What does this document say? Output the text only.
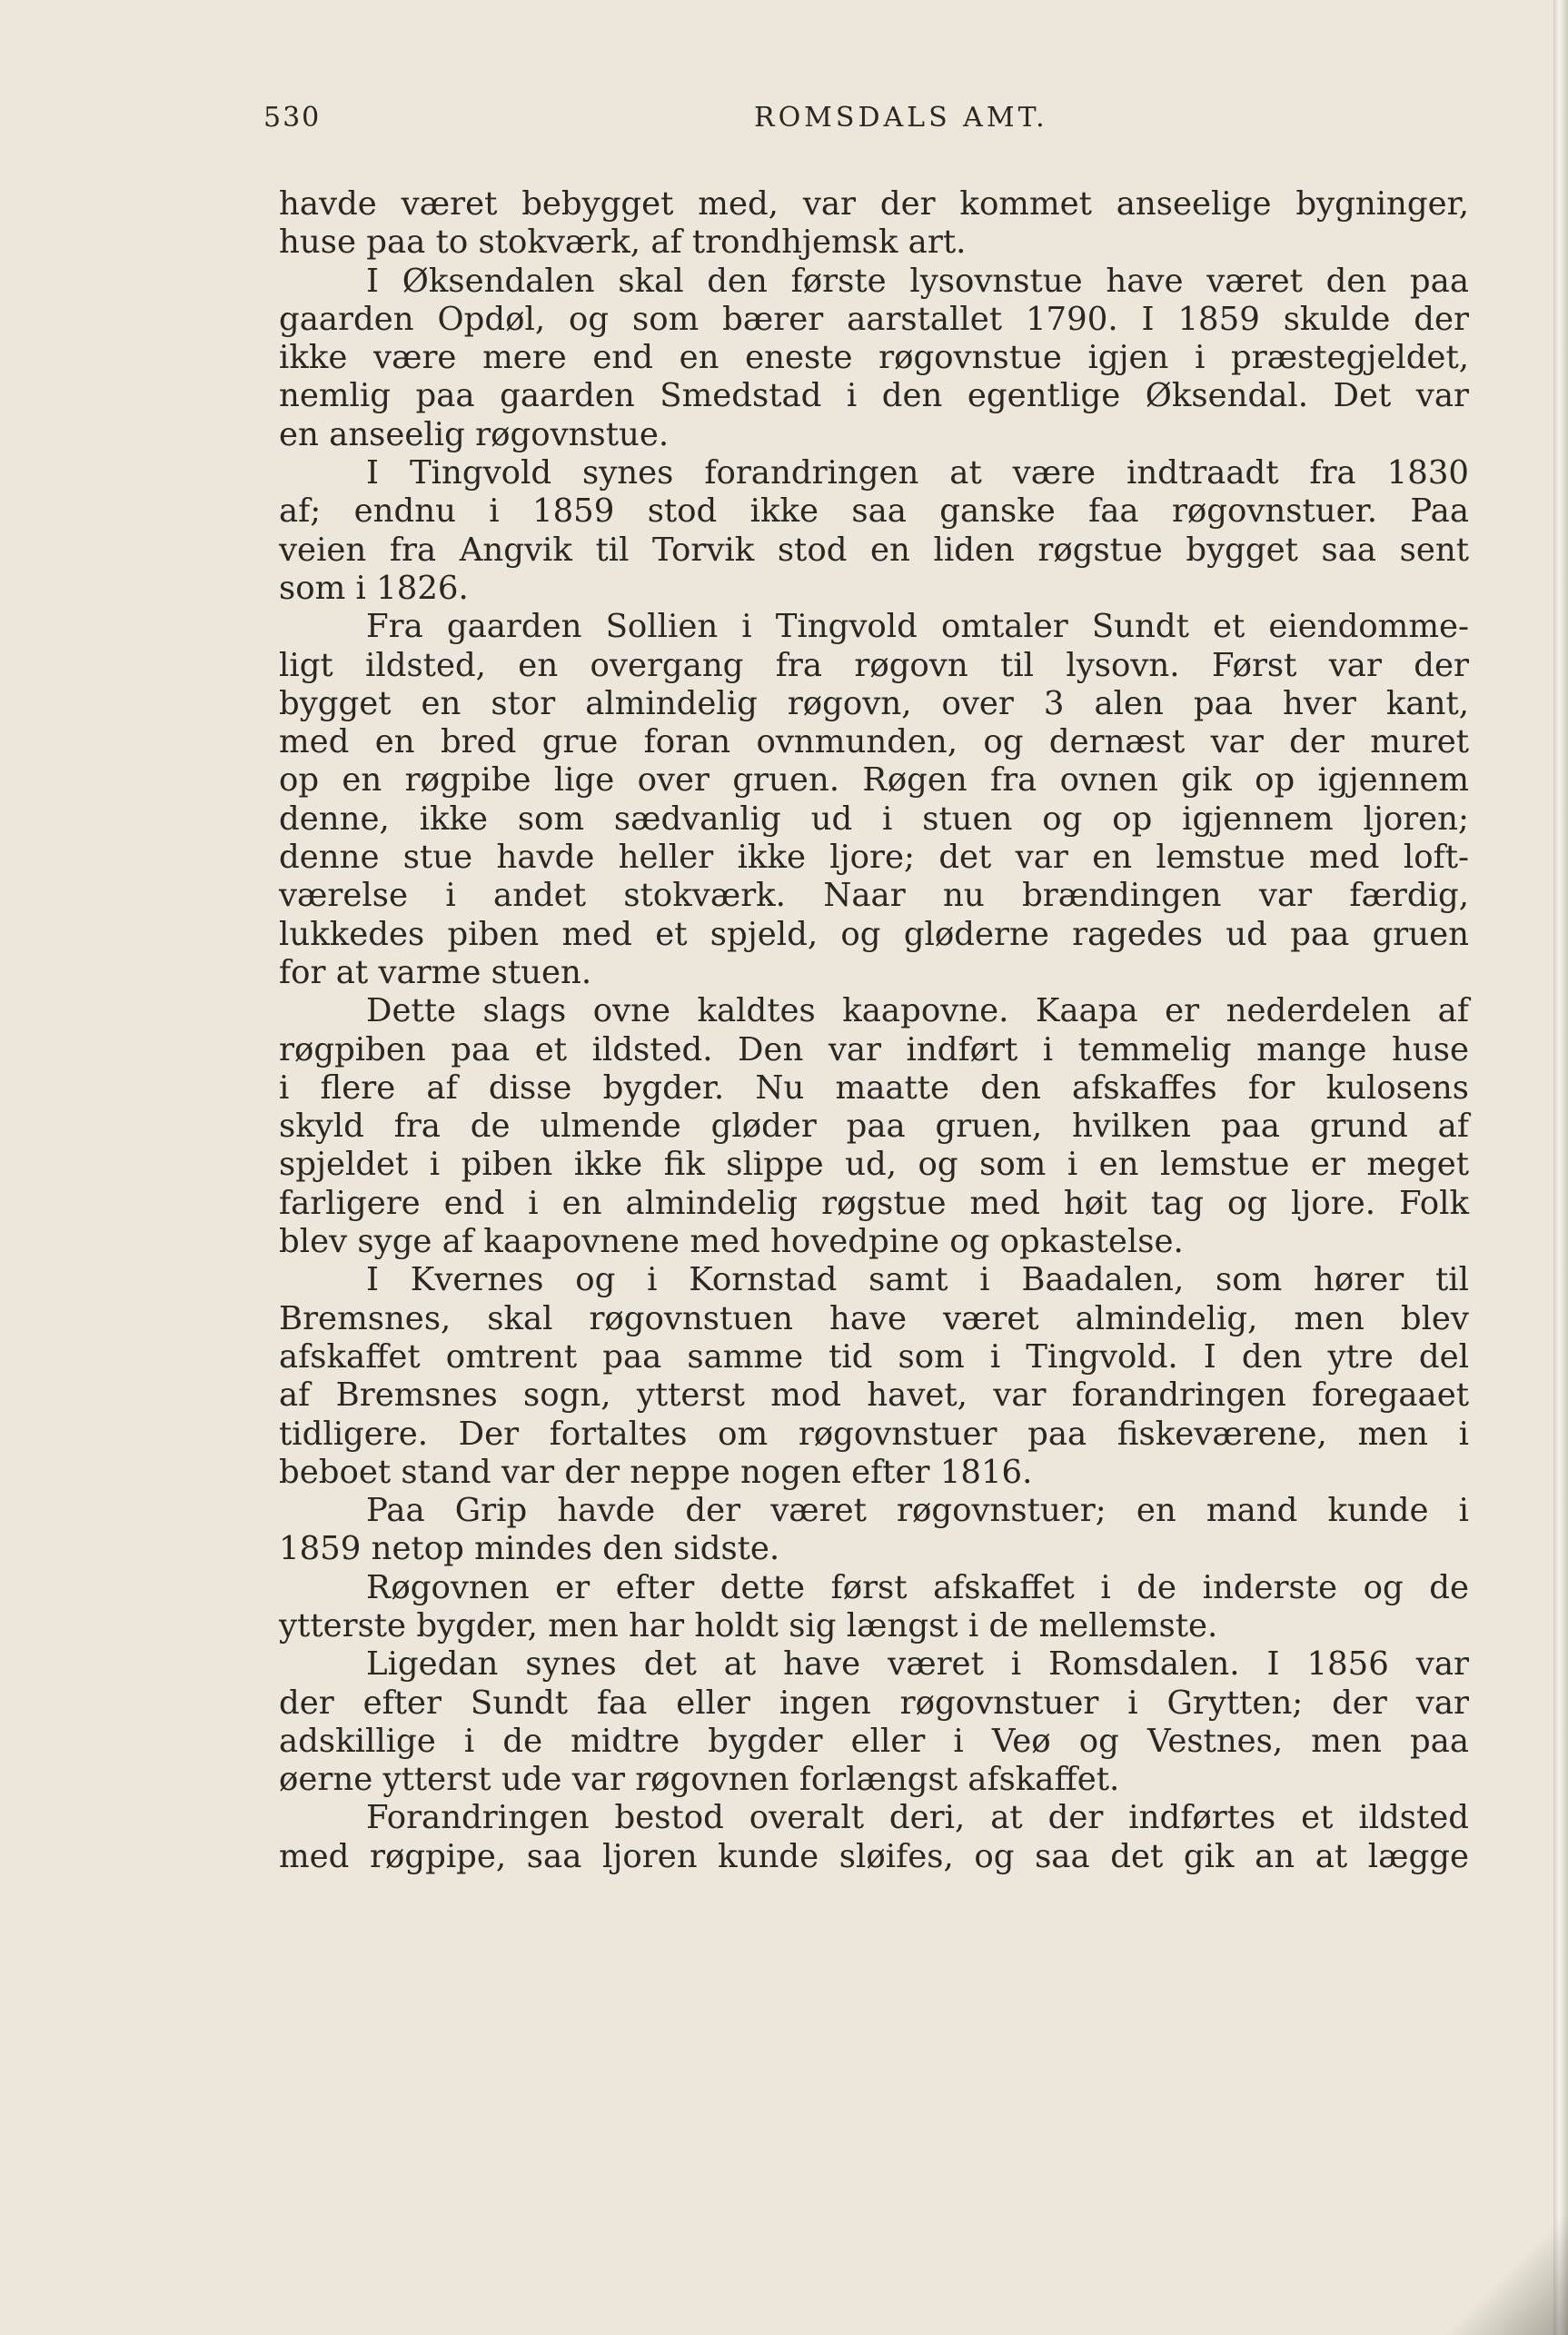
530	ROMSDALS AMT.
havde været bebygget med, var der kommet anseelige bygninger,
huse paa to stokværk, af trondhjemsk art.
I Øksendalen skal den første lysovnstue have været den paa
gaarden Opdøl, og som bærer aarstallet 1790. I 1859 skulde der
ikke være mere end en eneste røgovnstue igjen i præstegjeldet,
nemlig paa gaarden Smedstad i den egentlige Øksendal. Det var
en anseelig røgovnstue.
I Tingvold synes forandringen at være indtraadt fra 1830
af; endnu i 1859 stod ikke saa ganske faa røgovnstuer. Paa
veien fra Angvik til Torvik stod en liden røgstue bygget saa sent
som i 1826.
Fra gaarden Sollien i Tingvold omtaler Sundt et eiendomme-
ligt ildsted, en overgang fra røgovn til lysovn. Først var der
bygget en stor almindelig røgovn, over 3 alen paa hver kant,
med en bred grue foran ovnmunden, og dernæst var der muret
op en røgpibe lige over gruen. Røgen fra ovnen gik op igjennem
denne, ikke som sædvanlig ud i stuen og op igjennem ljoren;
denne stue havde heller ikke ljore; det var en lemstue med loft-
værelse i andet stokværk. Naar nu brændingen var færdig,
lukkedes piben med et spjeld, og gløderne ragedes ud paa gruen
for at varme stuen.
Dette slags ovne kaldtes kaapovne. Kaapa er nederdelen af
røgpiben paa et ildsted. Den var indført i temmelig mange huse
i flere af disse bygder. Nu maatte den afskaffes for kulosens
skyld fra de ulmende gløder paa gruen, hvilken paa grund af
spjeldet i piben ikke fik slippe ud, og som i en lemstue er meget
farligere end i en almindelig røgstue med høit tag og ljore. Folk
blev syge af kaapovnene med hovedpine og opkastelse.
I Kvernes og i Kornstad samt i Baadalen, som hører til
Bremsnes, skal røgovnstuen have været almindelig, men blev
afskaffet omtrent paa samme tid som i Tingvold. I den ytre del
af Bremsnes sogn, ytterst mod havet, var forandringen foregaaet
tidligere. Der fortaltes om røgovnstuer paa fiskeværene, men i
beboet stand var der neppe nogen efter 1816.
Paa Grip havde der været røgovnstuer; en mand kunde i
1859 netop mindes den sidste.
Røgovnen er efter dette først afskaffet i de inderste og de
ytterste bygder, men har holdt sig længst i de mellemste.
Ligedan synes det at have været i Romsdalen. I 1856 var
der efter Sundt faa eller ingen røgovnstuer i Grytten; der var
adskillige i de midtre bygder eller i Veø og Vestnes, men paa
øerne ytterst ude var røgovnen forlængst afskaffet.
Forandringen bestod overalt deri, at der indførtes et ildsted
med røgpipe, saa ljoren kunde sløifes, og saa det gik an at lægge
